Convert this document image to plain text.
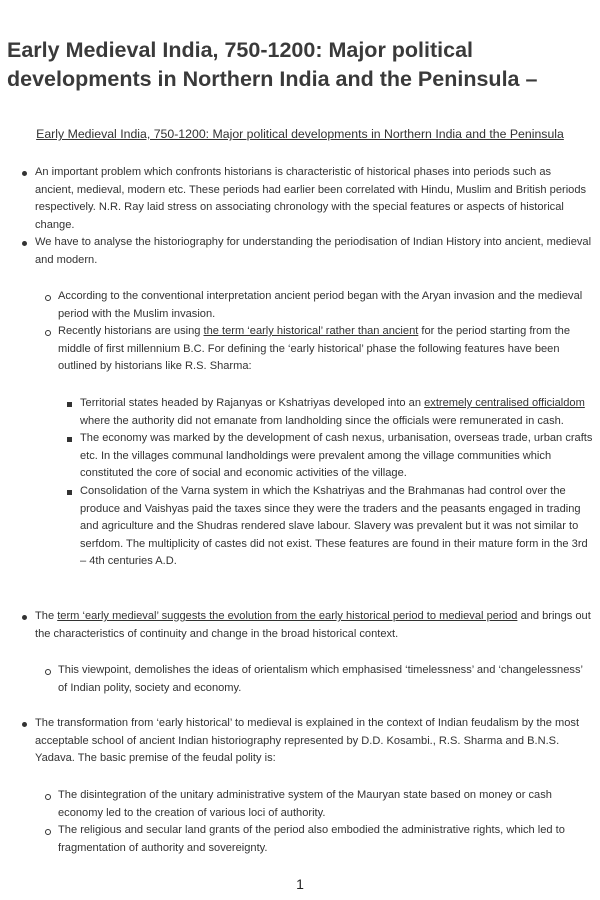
Early Medieval India, 750-1200: Major political developments in Northern India and the Peninsula –

Early Medieval India, 750-1200: Major political developments in Northern India and the Peninsula

An important problem which confronts historians is characteristic of historical phases into periods such as ancient, medieval, modern etc. These periods had earlier been correlated with Hindu, Muslim and British periods respectively. N.R. Ray laid stress on associating chronology with the special features or aspects of historical change.

We have to analyse the historiography for understanding the periodisation of Indian History into ancient, medieval and modern.

According to the conventional interpretation ancient period began with the Aryan invasion and the medieval period with the Muslim invasion.

Recently historians are using the term ‘early historical’ rather than ancient for the period starting from the middle of first millennium B.C. For defining the ‘early historical’ phase the following features have been outlined by historians like R.S. Sharma:

Territorial states headed by Rajanyas or Kshatriyas developed into an extremely centralised officialdom where the authority did not emanate from landholding since the officials were remunerated in cash.

The economy was marked by the development of cash nexus, urbanisation, overseas trade, urban crafts etc. In the villages communal landholdings were prevalent among the village communities which constituted the core of social and economic activities of the village.

Consolidation of the Varna system in which the Kshatriyas and the Brahmanas had control over the produce and Vaishyas paid the taxes since they were the traders and the peasants engaged in trading and agriculture and the Shudras rendered slave labour. Slavery was prevalent but it was not similar to serfdom. The multiplicity of castes did not exist. These features are found in their mature form in the 3rd – 4th centuries A.D.

The term ‘early medieval’ suggests the evolution from the early historical period to medieval period and brings out the characteristics of continuity and change in the broad historical context.

This viewpoint, demolishes the ideas of orientalism which emphasised ‘timelessness’ and ‘changelessness’ of Indian polity, society and economy.

The transformation from ‘early historical’ to medieval is explained in the context of Indian feudalism by the most acceptable school of ancient Indian historiography represented by D.D. Kosambi., R.S. Sharma and B.N.S. Yadava. The basic premise of the feudal polity is:

The disintegration of the unitary administrative system of the Mauryan state based on money or cash economy led to the creation of various loci of authority.

The religious and secular land grants of the period also embodied the administrative rights, which led to fragmentation of authority and sovereignty.

1
